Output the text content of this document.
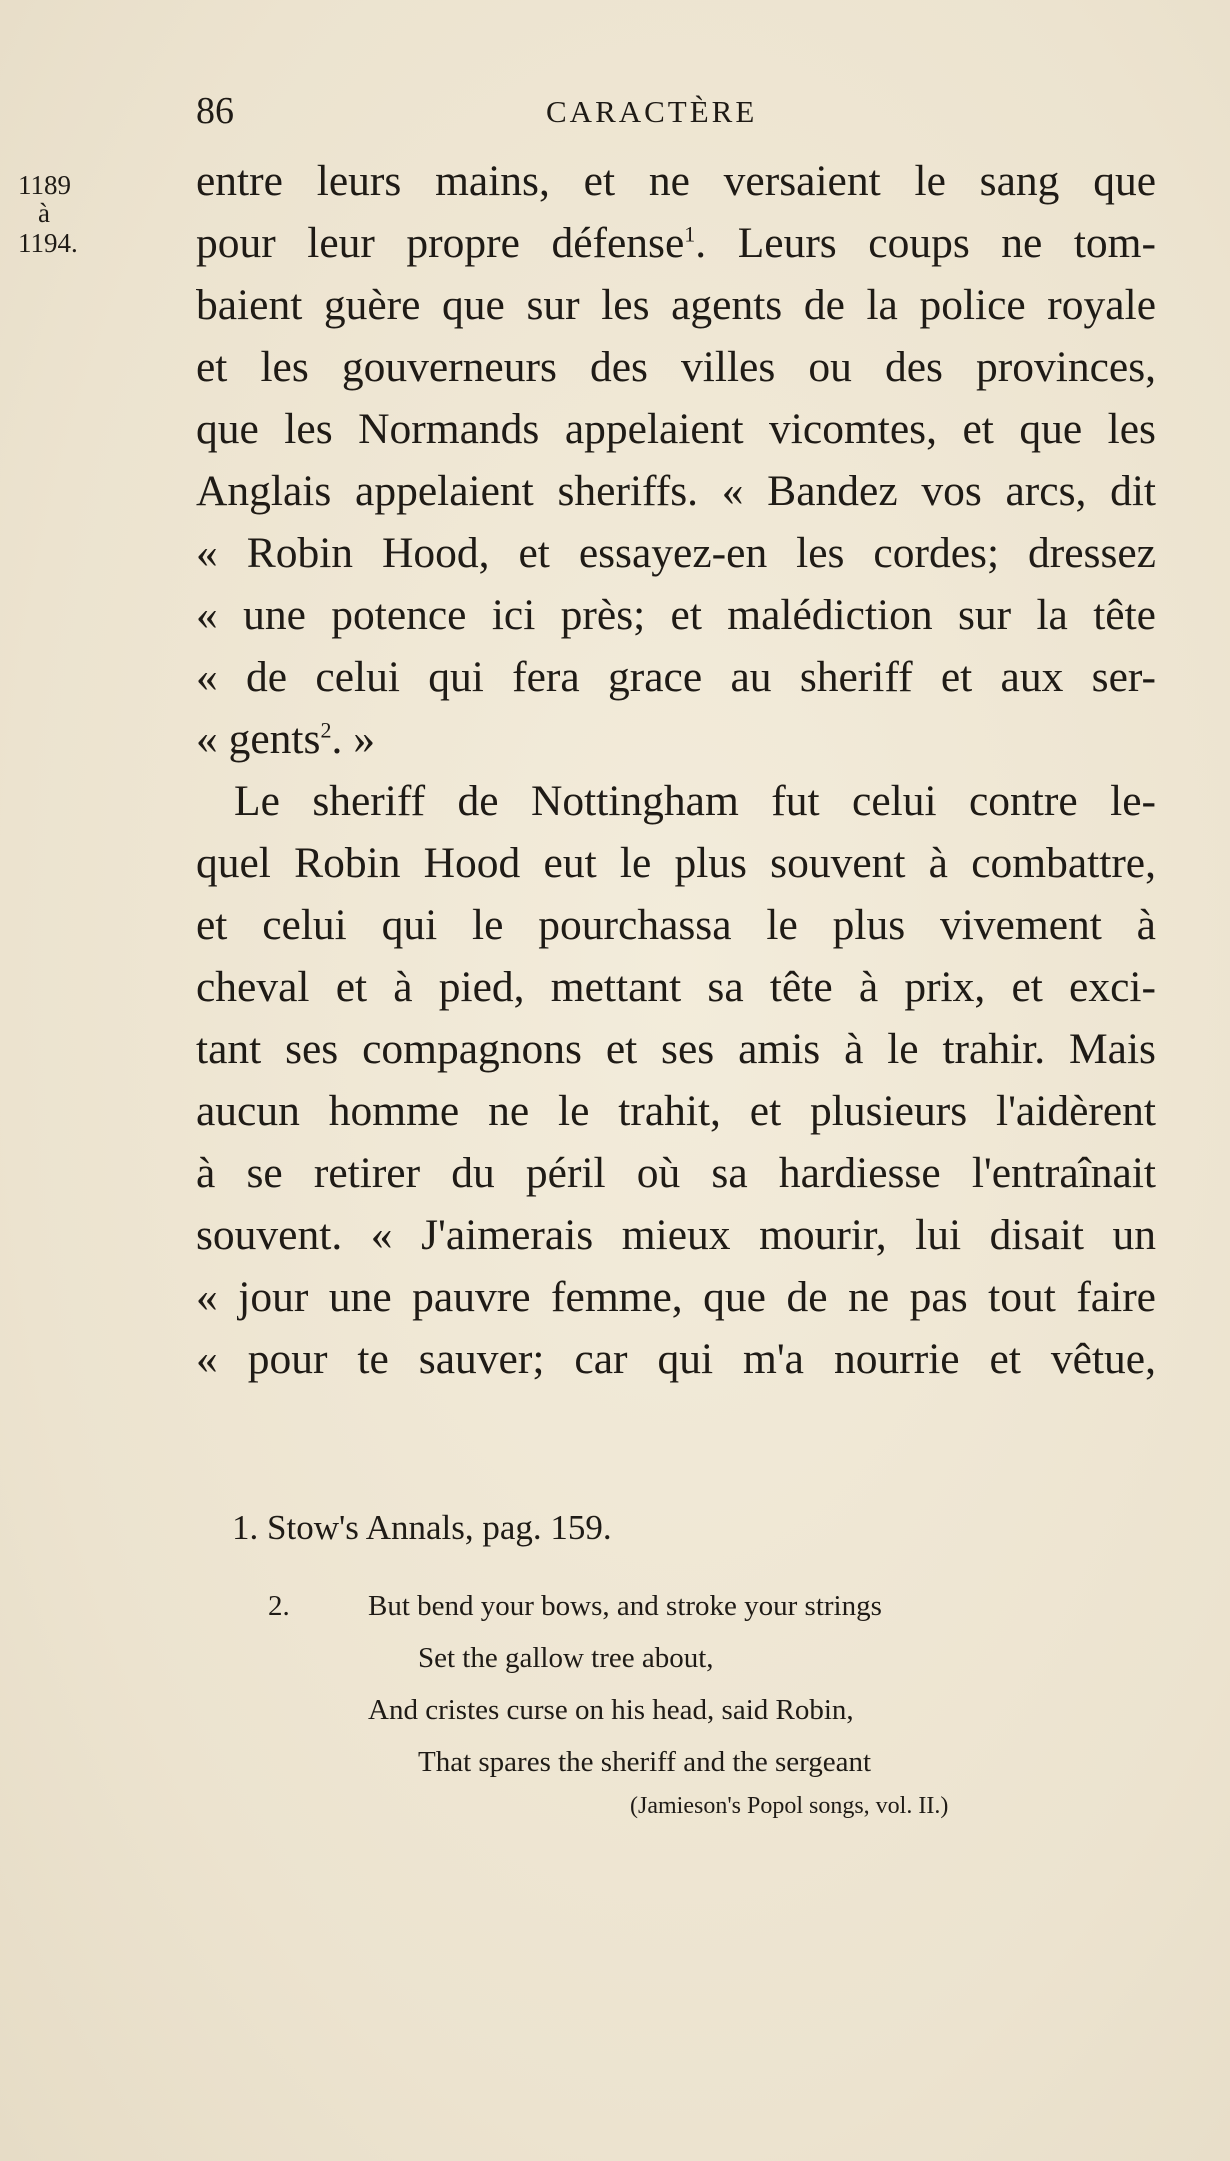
86	CARACTÈRE
1189
à
1194.
entre leurs mains, et ne versaient le sang que
pour leur propre défense$^1$. Leurs coups ne tom-
baient guère que sur les agents de la police royale
et les gouverneurs des villes ou des provinces,
que les Normands appelaient vicomtes, et que les
Anglais appelaient sheriffs. « Bandez vos arcs, dit
« Robin Hood, et essayez-en les cordes; dressez
« une potence ici près; et malédiction sur la tête
« de celui qui fera grace au sheriff et aux ser-
« gents$^2$. »
Le sheriff de Nottingham fut celui contre le-
quel Robin Hood eut le plus souvent à combattre,
et celui qui le pourchassa le plus vivement à
cheval et à pied, mettant sa tête à prix, et exci-
tant ses compagnons et ses amis à le trahir. Mais
aucun homme ne le trahit, et plusieurs l'aidèrent
à se retirer du péril où sa hardiesse l'entraînait
souvent. « J'aimerais mieux mourir, lui disait un
« jour une pauvre femme, que de ne pas tout faire
« pour te sauver; car qui m'a nourrie et vêtue,
1. Stow's Annals, pag. 159.
2.	But bend your bows, and stroke your strings
Set the gallow tree about,
And cristes curse on his head, said Robin,
That spares the sheriff and the sergeant
(Jamieson's Popol songs, vol. II.)
